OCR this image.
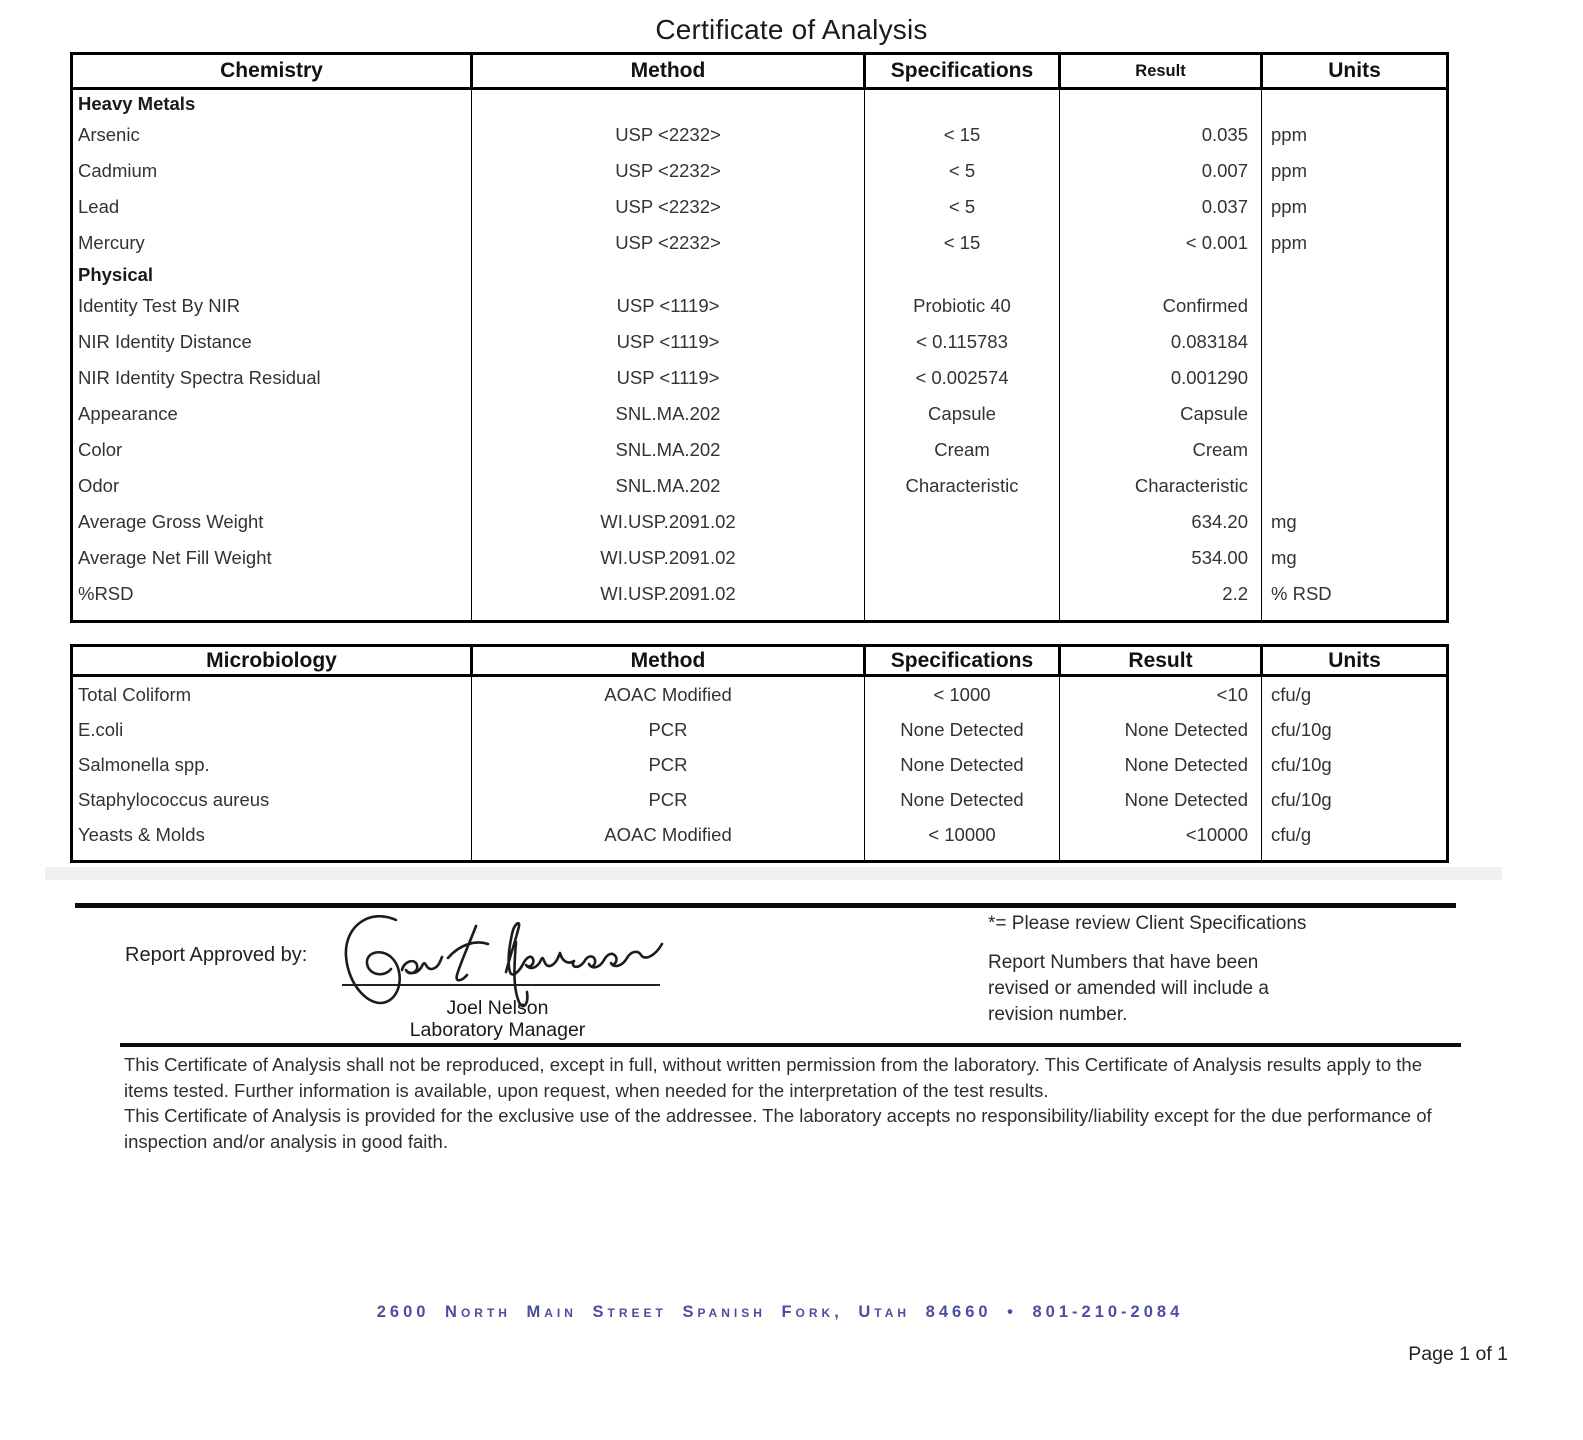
Certificate of Analysis
Chemistry	Method	Specifications	Result	Units
Heavy Metals				
Arsenic	USP <2232>	< 15	0.035	ppm
Cadmium	USP <2232>	< 5	0.007	ppm
Lead	USP <2232>	< 5	0.037	ppm
Mercury	USP <2232>	< 15	< 0.001	ppm
Physical				
Identity Test By NIR	USP <1119>	Probiotic 40	Confirmed	
NIR Identity Distance	USP <1119>	< 0.115783	0.083184	
NIR Identity Spectra Residual	USP <1119>	< 0.002574	0.001290	
Appearance	SNL.MA.202	Capsule	Capsule	
Color	SNL.MA.202	Cream	Cream	
Odor	SNL.MA.202	Characteristic	Characteristic	
Average Gross Weight	WI.USP.2091.02		634.20	mg
Average Net Fill Weight	WI.USP.2091.02		534.00	mg
%RSD	WI.USP.2091.02		2.2	% RSD

Microbiology	Method	Specifications	Result	Units
Total Coliform	AOAC Modified	< 1000	<10	cfu/g
E.coli	PCR	None Detected	None Detected	cfu/10g
Salmonella spp.	PCR	None Detected	None Detected	cfu/10g
Staphylococcus aureus	PCR	None Detected	None Detected	cfu/10g
Yeasts & Molds	AOAC Modified	< 10000	<10000	cfu/g

Report Approved by:
Joel Nelson
Laboratory Manager
*= Please review Client Specifications
Report Numbers that have been revised or amended will include a revision number.

This Certificate of Analysis shall not be reproduced, except in full, without written permission from the laboratory. This Certificate of Analysis results apply to the items tested. Further information is available, upon request, when needed for the interpretation of the test results.

This Certificate of Analysis is provided for the exclusive use of the addressee. The laboratory accepts no responsibility/liability except for the due performance of inspection and/or analysis in good faith.

2600 North Main Street Spanish Fork, Utah 84660 • 801-210-2084
Page 1 of 1
